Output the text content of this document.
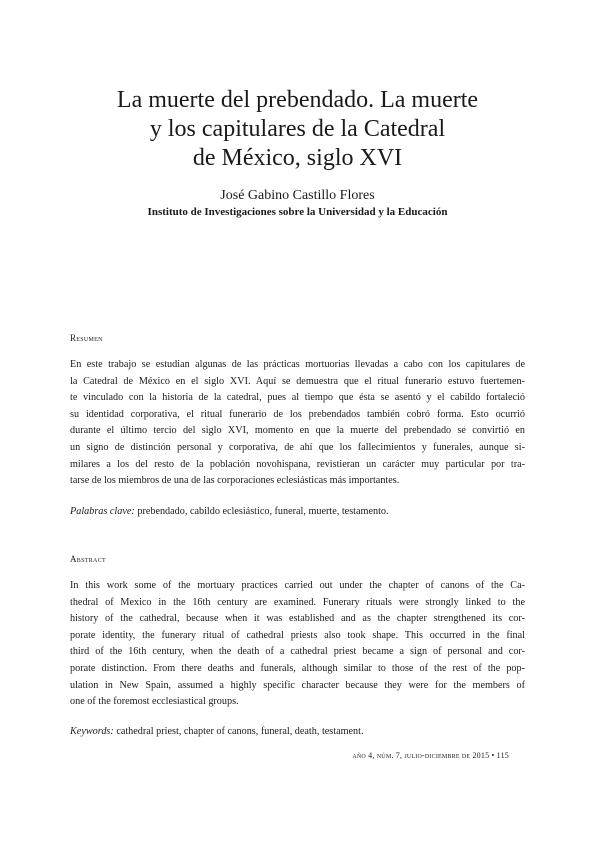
La muerte del prebendado. La muerte
y los capitulares de la Catedral
de México, siglo XVI
José Gabino Castillo Flores
Instituto de Investigaciones sobre la Universidad y la Educación
Resumen
En este trabajo se estudian algunas de las prácticas mortuorias llevadas a cabo con los capitulares de
la Catedral de México en el siglo XVI. Aquí se demuestra que el ritual funerario estuvo fuertemen-
te vinculado con la historia de la catedral, pues al tiempo que ésta se asentó y el cabildo fortaleció
su identidad corporativa, el ritual funerario de los prebendados también cobró forma. Esto ocurrió
durante el último tercio del siglo XVI, momento en que la muerte del prebendado se convirtió en
un signo de distinción personal y corporativa, de ahí que los fallecimientos y funerales, aunque si-
milares a los del resto de la población novohispana, revistieran un carácter muy particular por tra-
tarse de los miembros de una de las corporaciones eclesiásticas más importantes.
Palabras clave: prebendado, cabildo eclesiástico, funeral, muerte, testamento.
Abstract
In this work some of the mortuary practices carried out under the chapter of canons of the Ca-
thedral of Mexico in the 16th century are examined. Funerary rituals were strongly linked to the
history of the cathedral, because when it was established and as the chapter strengthened its cor-
porate identity, the funerary ritual of cathedral priests also took shape. This occurred in the final
third of the 16th century, when the death of a cathedral priest became a sign of personal and cor-
porate distinction. From there deaths and funerals, although similar to those of the rest of the pop-
ulation in New Spain, assumed a highly specific character because they were for the members of
one of the foremost ecclesiastical groups.
Keywords: cathedral priest, chapter of canons, funeral, death, testament.
año 4, núm. 7, julio-diciembre de 2015 • 115
